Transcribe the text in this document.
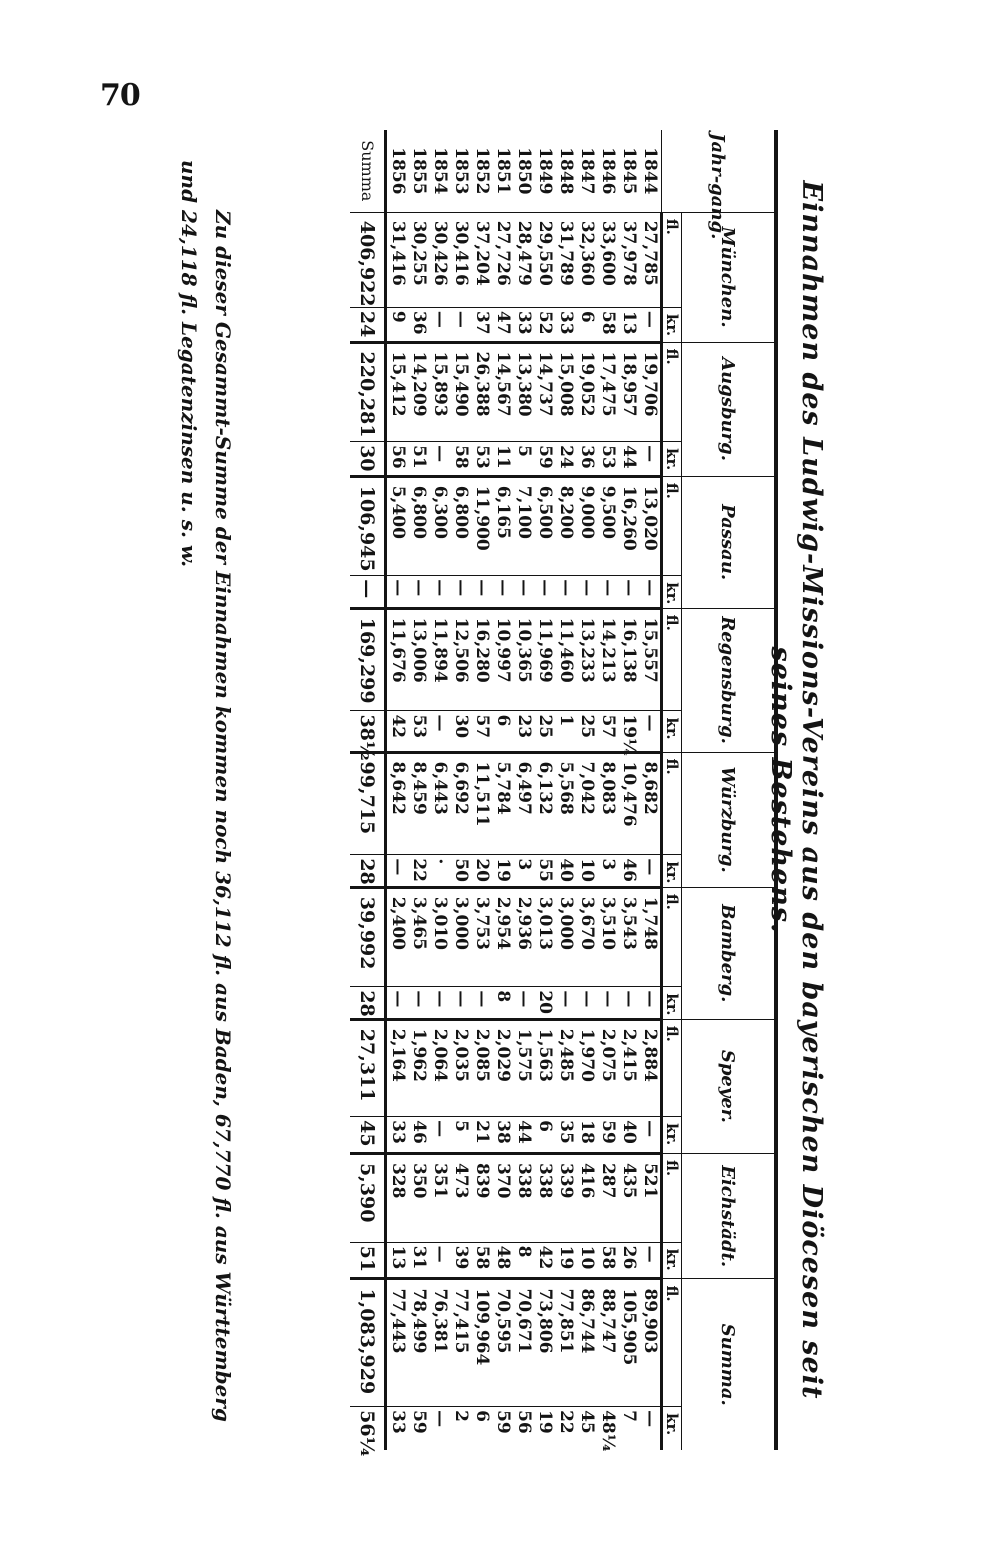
70
Einnahmen des Ludwig-Missions-Vereins aus den bayerischen Diöcesen seit seines Bestehens.
Jahr-gang.	München.		Augsburg.		Passau.		Regensburg.		Würzburg.		Bamberg.		Speyer.		Eichstädt.		Summa.	
	fl.	kr.	fl.	kr.	fl.	kr.	fl.	kr.	fl.	kr.	fl.	kr.	fl.	kr.	fl.	kr.	fl.	kr.
1844	27,785	—	19,706	—	13,020	—	15,557	—	8,682	—	1,748	—	2,884	—	521	—	89,903	—
1845	37,978	13	18,957	44	16,260	—	16,138	19¼	10,476	46	3,543	—	2,415	40	435	26	105,905	7
1846	33,600	58	17,475	53	9,500	—	14,213	57	8,083	3	3,510	—	2,075	59	287	58	88,747	48¼
1847	32,360	6	19,052	36	9,000	—	13,233	25	7,042	10	3,670	—	1,970	18	416	10	86,744	45
1848	31,789	33	15,008	24	8,200	—	11,460	1	5,568	40	3,000	—	2,485	35	339	19	77,851	22
1849	29,550	52	14,737	59	6,500	—	11,969	25	6,132	55	3,013	20	1,563	6	338	42	73,806	19
1850	28,479	33	13,380	5	7,100	—	10,365	23	6,497	3	2,936	—	1,575	44	338	8	70,671	56
1851	27,726	47	14,567	11	6,165	—	10,997	6	5,784	19	2,954	8	2,029	38	370	48	70,595	59
1852	37,204	37	26,388	53	11,900	—	16,280	57	11,511	20	3,753	—	2,085	21	839	58	109,964	6
1853	30,416	—	15,490	58	6,800	—	12,506	30	6,692	50	3,000	—	2,035	5	473	39	77,415	2
1854	30,426	—	15,893	—	6,300	—	11,894	—	6,443	·	3,010	—	2,064	—	351	—	76,381	—
1855	30,255	36	14,209	51	6,800	—	13,006	53	8,459	22	3,465	—	1,962	46	350	31	78,499	59
1856	31,416	9	15,412	56	5,400	—	11,676	42	8,642	—	2,400	—	2,164	33	328	13	77,443	33
Summa	406,922	24	220,281	30	106,945	—	169,299	38½	99,715	28	39,992	28	27,311	45	5,390	51	1,083,929	56¼
Zu dieser Gesammt-Summe der Einnahmen kommen noch 36,112 fl. aus Baden, 67,770 fl. aus Württemberg
und 24,118 fl. Legatenzinsen u. s. w.
